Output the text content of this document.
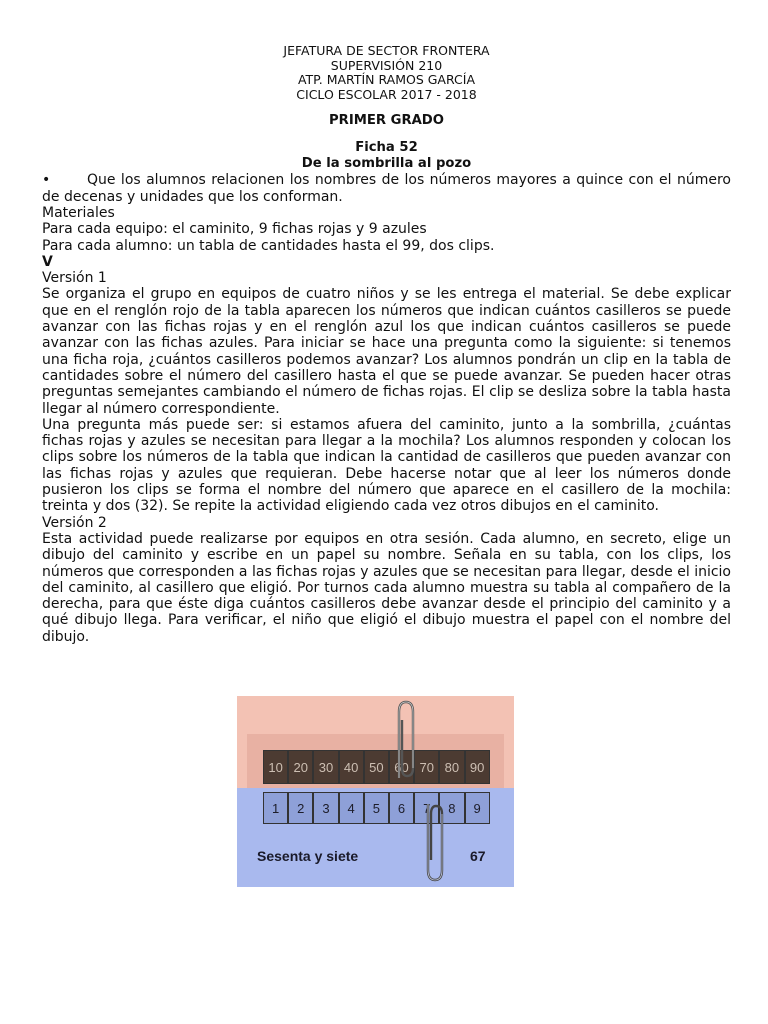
JEFATURA DE SECTOR FRONTERA

SUPERVISIÓN 210

ATP. MARTÍN RAMOS GARCÍA

CICLO ESCOLAR 2017 - 2018

PRIMER GRADO

Ficha 52

De la sombrilla al pozo

•	Que los alumnos relacionen los nombres de los números mayores a quince con el número de decenas y unidades que los conforman.

Materiales

Para cada equipo: el caminito, 9 fichas rojas y 9 azules

Para cada alumno: un tabla de cantidades hasta el 99, dos clips.

V

Versión 1

Se organiza el grupo en equipos de cuatro niños y se les entrega el material. Se debe explicar que en el renglón rojo de la tabla aparecen los números que indican cuántos casilleros se puede avanzar con las fichas rojas y en el renglón azul los que indican cuántos casilleros se puede avanzar con las fichas azules. Para iniciar se hace una pregunta como la siguiente: si tenemos una ficha roja, ¿cuántos casilleros podemos avanzar? Los alumnos pondrán un clip en la tabla de cantidades sobre el número del casillero hasta el que se puede avanzar. Se pueden hacer otras preguntas semejantes cambiando el número de fichas rojas. El clip se desliza sobre la tabla hasta llegar al número correspondiente.

Una pregunta más puede ser: si estamos afuera del caminito, junto a la sombrilla, ¿cuántas fichas rojas y azules se necesitan para llegar a la mochila? Los alumnos responden y colocan los clips sobre los números de la tabla que indican la cantidad de casilleros que pueden avanzar con las fichas rojas y azules que requieran. Debe hacerse notar que al leer los números donde pusieron los clips se forma el nombre del número que aparece en el casillero de la mochila: treinta y dos (32). Se repite la actividad eligiendo cada vez otros dibujos en el caminito.

Versión 2

Esta actividad puede realizarse por equipos en otra sesión. Cada alumno, en secreto, elige un dibujo del caminito y escribe en un papel su nombre. Señala en su tabla, con los clips, los números que corresponden a las fichas rojas y azules que se necesitan para llegar, desde el inicio del caminito, al casillero que eligió. Por turnos cada alumno muestra su tabla al compañero de la derecha, para que éste diga cuántos casilleros debe avanzar desde el principio del caminito y a qué dibujo llega. Para verificar, el niño que eligió el dibujo muestra el papel con el nombre del dibujo.

10 20 30 40 50 60 70 80 90
1	2	3	4	5	6	7	8	9
Sesenta y siete	67
